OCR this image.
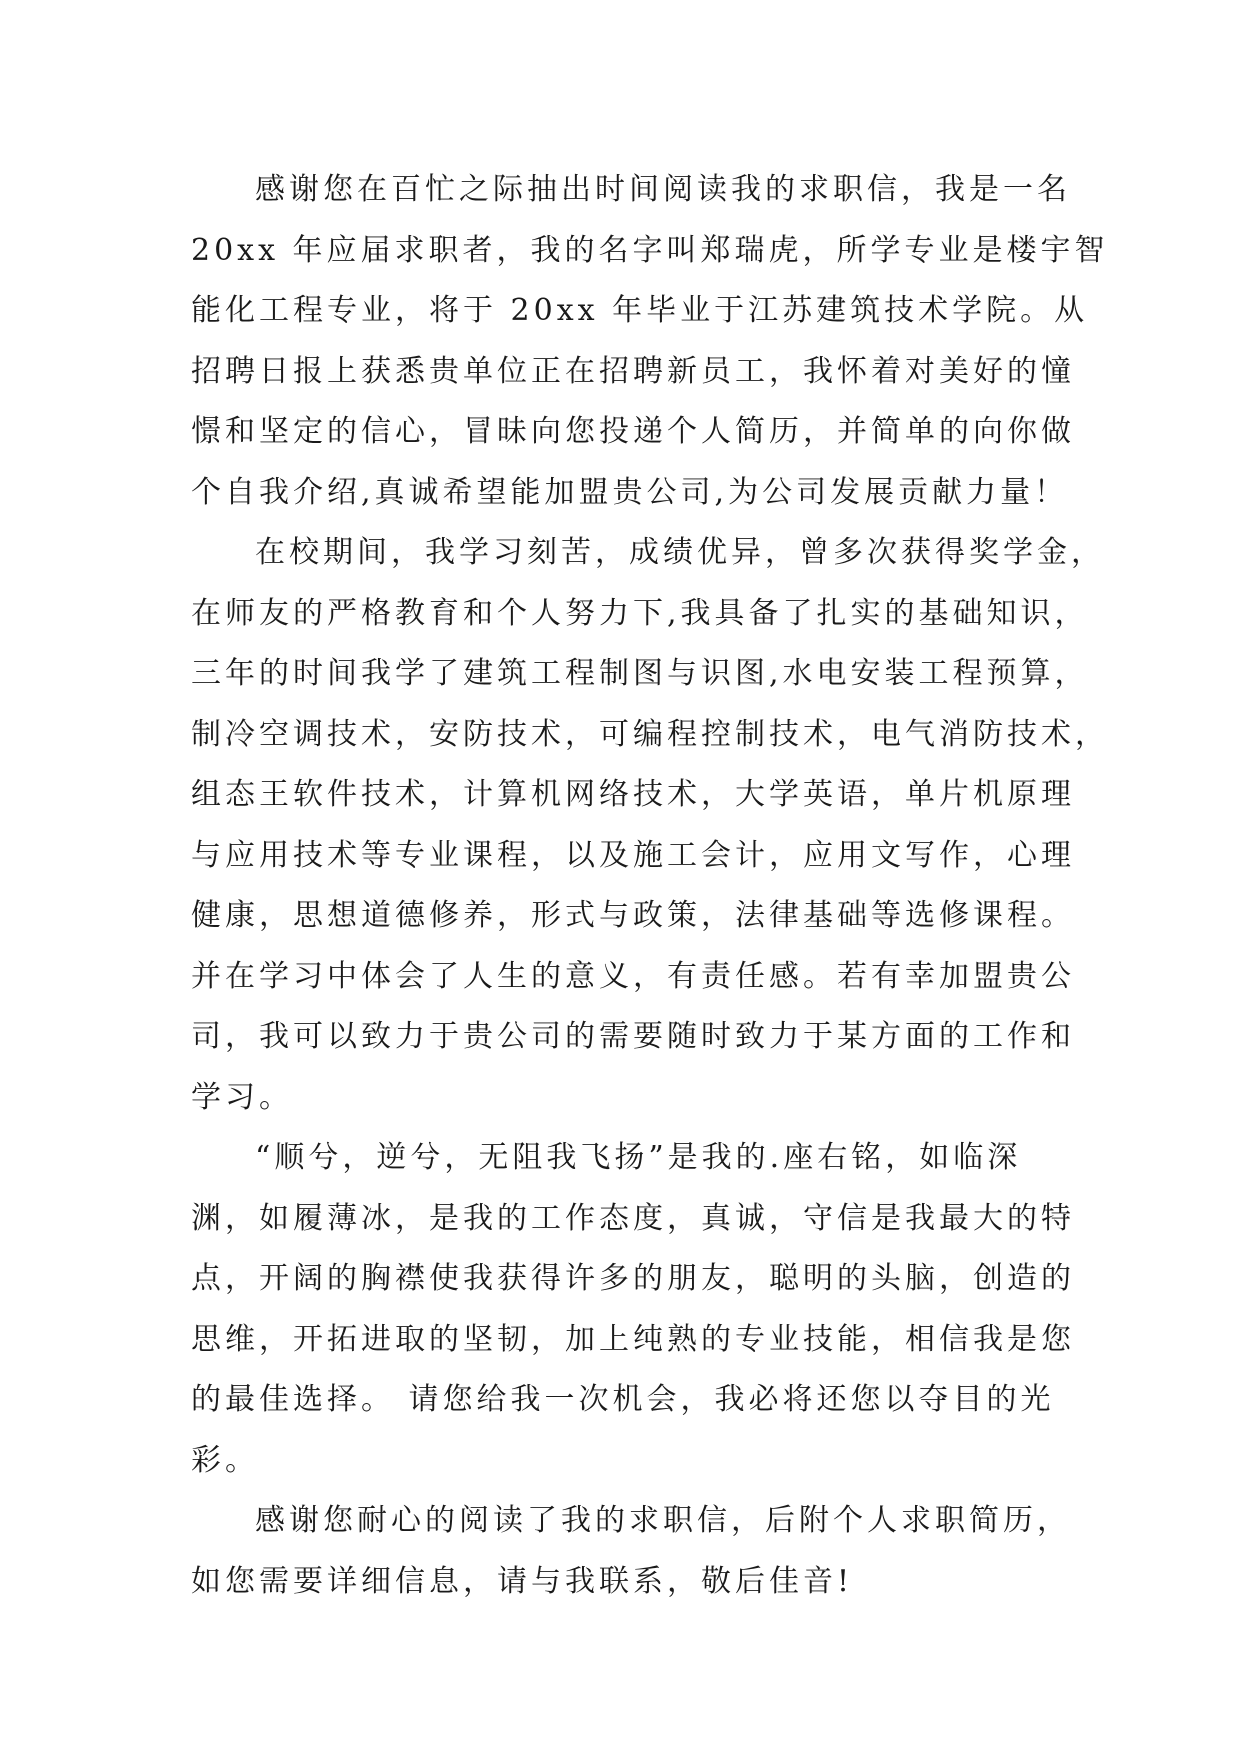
感谢您在百忙之际抽出时间阅读我的求职信，我是一名
20xx 年应届求职者，我的名字叫郑瑞虎，所学专业是楼宇智
能化工程专业，将于 20xx 年毕业于江苏建筑技术学院。从
招聘日报上获悉贵单位正在招聘新员工，我怀着对美好的憧
憬和坚定的信心，冒昧向您投递个人简历，并简单的向你做
个自我介绍,真诚希望能加盟贵公司,为公司发展贡献力量！
在校期间，我学习刻苦，成绩优异，曾多次获得奖学金，
在师友的严格教育和个人努力下,我具备了扎实的基础知识，
三年的时间我学了建筑工程制图与识图,水电安装工程预算，
制冷空调技术，安防技术，可编程控制技术，电气消防技术，
组态王软件技术，计算机网络技术，大学英语，单片机原理
与应用技术等专业课程，以及施工会计，应用文写作，心理
健康，思想道德修养，形式与政策，法律基础等选修课程。
并在学习中体会了人生的意义，有责任感。若有幸加盟贵公
司，我可以致力于贵公司的需要随时致力于某方面的工作和
学习。
“顺兮，逆兮，无阻我飞扬”是我的.座右铭，如临深
渊，如履薄冰，是我的工作态度，真诚，守信是我最大的特
点，开阔的胸襟使我获得许多的朋友，聪明的头脑，创造的
思维，开拓进取的坚韧，加上纯熟的专业技能，相信我是您
的最佳选择。 请您给我一次机会，我必将还您以夺目的光
彩。
感谢您耐心的阅读了我的求职信，后附个人求职简历，
如您需要详细信息，请与我联系，敬后佳音!
